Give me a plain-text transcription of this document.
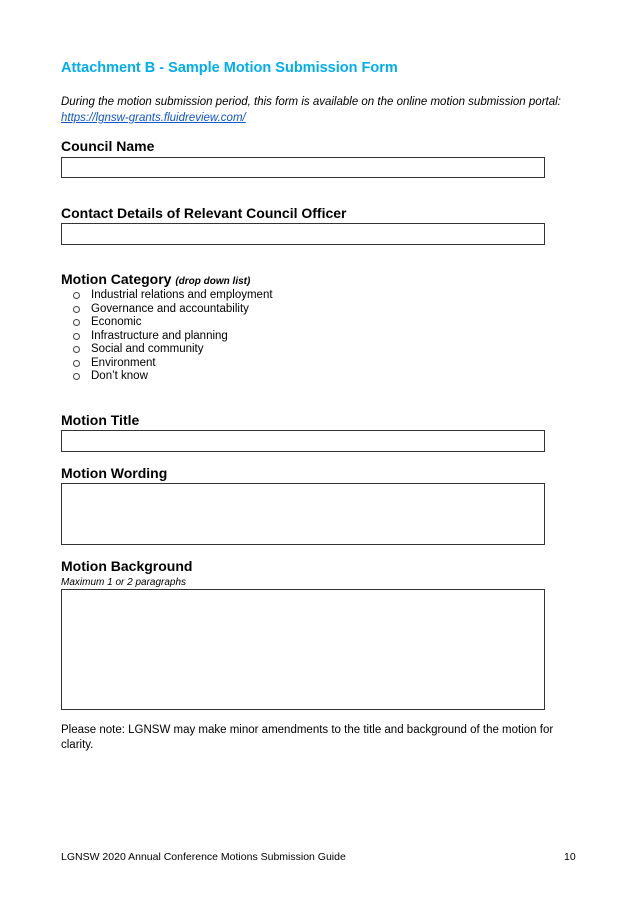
Attachment B - Sample Motion Submission Form
During the motion submission period, this form is available on the online motion submission portal:
https://lgnsw-grants.fluidreview.com/
Council Name
Contact Details of Relevant Council Officer
Motion Category (drop down list)
Industrial relations and employment
Governance and accountability
Economic
Infrastructure and planning
Social and community
Environment
Don’t know
Motion Title
Motion Wording
Motion Background
Maximum 1 or 2 paragraphs
Please note: LGNSW may make minor amendments to the title and background of the motion for clarity.
LGNSW 2020 Annual Conference Motions Submission Guide	10
